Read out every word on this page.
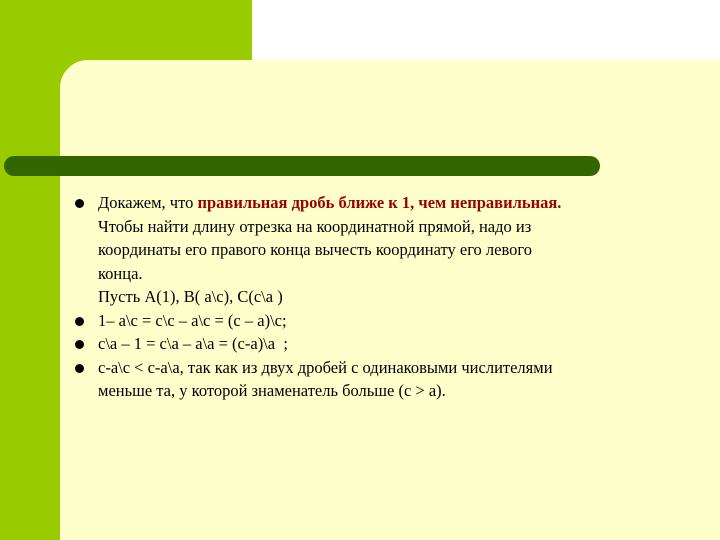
Докажем, что правильная дробь ближе к 1, чем неправильная.
Чтобы найти длину отрезка на координатной прямой, надо из
координаты его правого конца вычесть координату его левого
конца.
Пусть А(1), В( а\с), С(с\а )
1– а\с = с\с – а\с = (с – а)\с;
с\а – 1 = с\а – а\а = (с-а)\а  ;
с-а\с < с-а\а, так как из двух дробей с одинаковыми числителями
меньше та, у которой знаменатель больше (с > а).
